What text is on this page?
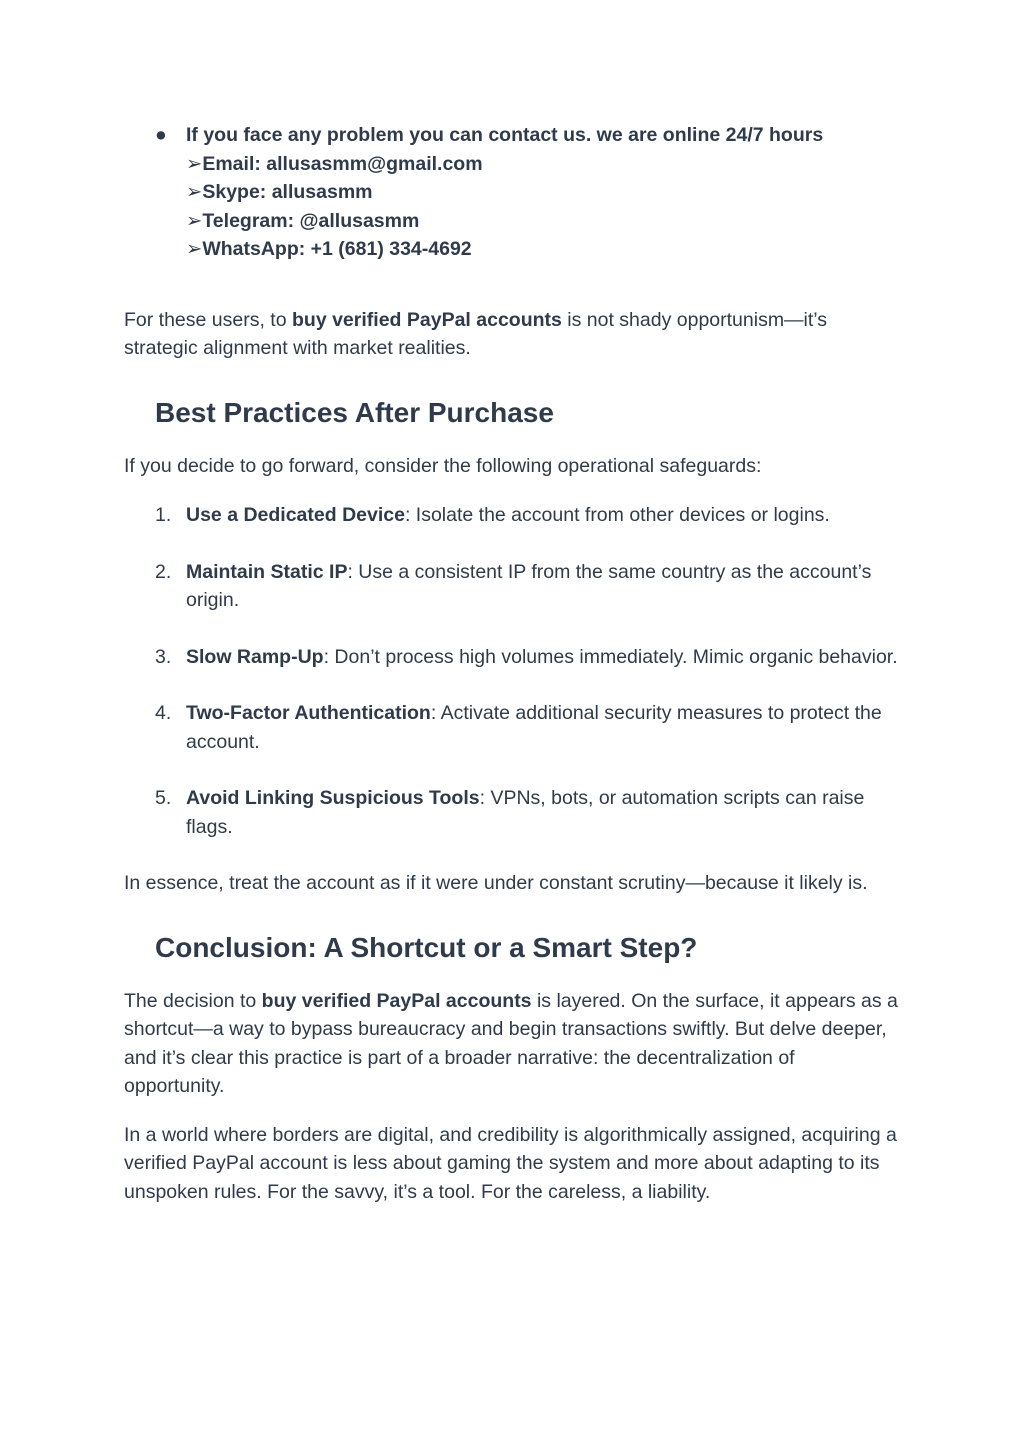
● If you face any problem you can contact us. we are online 24/7 hours
➢Email: allusasmm@gmail.com
➢Skype: allusasmm
➢Telegram: @allusasmm
➢WhatsApp: +1 (681) 334-4692

For these users, to buy verified PayPal accounts is not shady opportunism—it’s strategic alignment with market realities.

Best Practices After Purchase

If you decide to go forward, consider the following operational safeguards:

1. Use a Dedicated Device: Isolate the account from other devices or logins.
2. Maintain Static IP: Use a consistent IP from the same country as the account’s origin.
3. Slow Ramp-Up: Don’t process high volumes immediately. Mimic organic behavior.
4. Two-Factor Authentication: Activate additional security measures to protect the account.
5. Avoid Linking Suspicious Tools: VPNs, bots, or automation scripts can raise flags.

In essence, treat the account as if it were under constant scrutiny—because it likely is.

Conclusion: A Shortcut or a Smart Step?

The decision to buy verified PayPal accounts is layered. On the surface, it appears as a shortcut—a way to bypass bureaucracy and begin transactions swiftly. But delve deeper, and it’s clear this practice is part of a broader narrative: the decentralization of opportunity.

In a world where borders are digital, and credibility is algorithmically assigned, acquiring a verified PayPal account is less about gaming the system and more about adapting to its unspoken rules. For the savvy, it’s a tool. For the careless, a liability.
